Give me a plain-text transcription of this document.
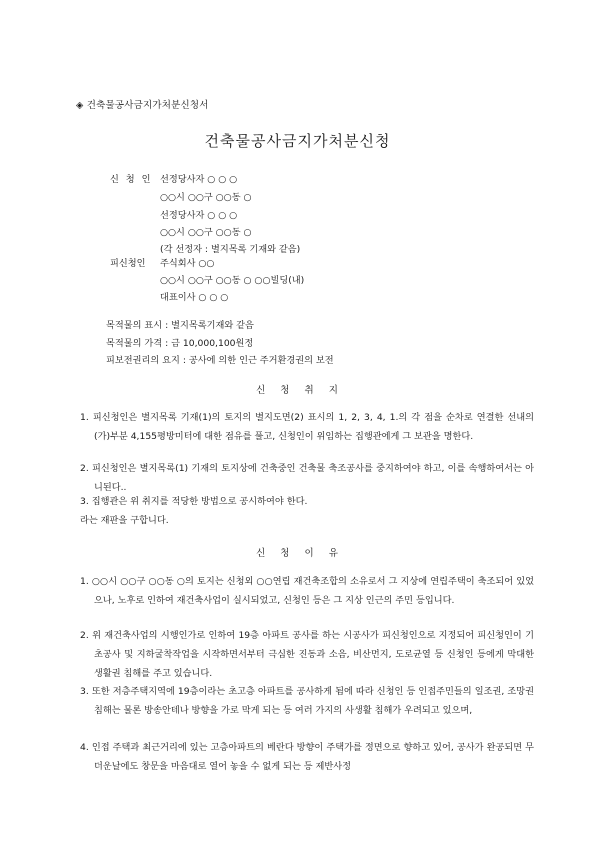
◈ 건축물공사금지가처분신청서
건축물공사금지가처분신청
신 청 인 선정당사자 ○ ○ ○
○○시 ○○구 ○○동 ○
선정당사자 ○ ○ ○
○○시 ○○구 ○○동 ○
(각 선정자 : 별지목록 기재와 같음)
피신청인 주식회사 ○○
○○시 ○○구 ○○동 ○ ○○빌딩(내)
대표이사 ○ ○ ○
목적물의 표시 : 별지목록기재와 같음
목적물의 가격 : 금 10,000,100원정
피보전권리의 요지 : 공사에 의한 인근 주거환경권의 보전
신 청 취 지
1. 피신청인은 별지목록 기재(1)의 토지의 별지도면(2) 표시의 1, 2, 3, 4, 1.의 각 점을 순차로 연결한 선내의 (가)부분 4,155평방미터에 대한 점유를 풀고, 신청인이 위임하는 집행관에게 그 보관을 명한다.
2. 피신청인은 별지목록(1) 기재의 토지상에 건축중인 건축물 축조공사를 중지하여야 하고, 이를 속행하여서는 아니된다..
3. 집행관은 위 취지를 적당한 방법으로 공시하여야 한다.
라는 재판을 구합니다.
신 청 이 유
1. ○○시 ○○구 ○○동 ○의 토지는 신청외 ○○연립 재건축조합의 소유로서 그 지상에 연립주택이 축조되어 있었으나, 노후로 인하여 재건축사업이 실시되었고, 신청인 등은 그 지상 인근의 주민 등입니다.
2. 위 재건축사업의 시행인가로 인하여 19층 아파트 공사를 하는 시공사가 피신청인으로 지정되어 피신청인이 기초공사 및 지하굴착작업을 시작하면서부터 극심한 진동과 소음, 비산먼지, 도로균열 등 신청인 등에게 막대한 생활권 침해를 주고 있습니다.
3. 또한 저층주택지역에 19층이라는 초고층 아파트를 공사하게 됨에 따라 신청인 등 인접주민들의 일조권, 조망권 침해는 물론 방송안테나 방향을 가로 막게 되는 등 여러 가지의 사생활 침해가 우려되고 있으며,
4. 인접 주택과 최근거리에 있는 고층아파트의 베란다 방향이 주택가를 정면으로 향하고 있어, 공사가 완공되면 무더운날에도 창문을 마음대로 열어 놓을 수 없게 되는 등 제반사정
